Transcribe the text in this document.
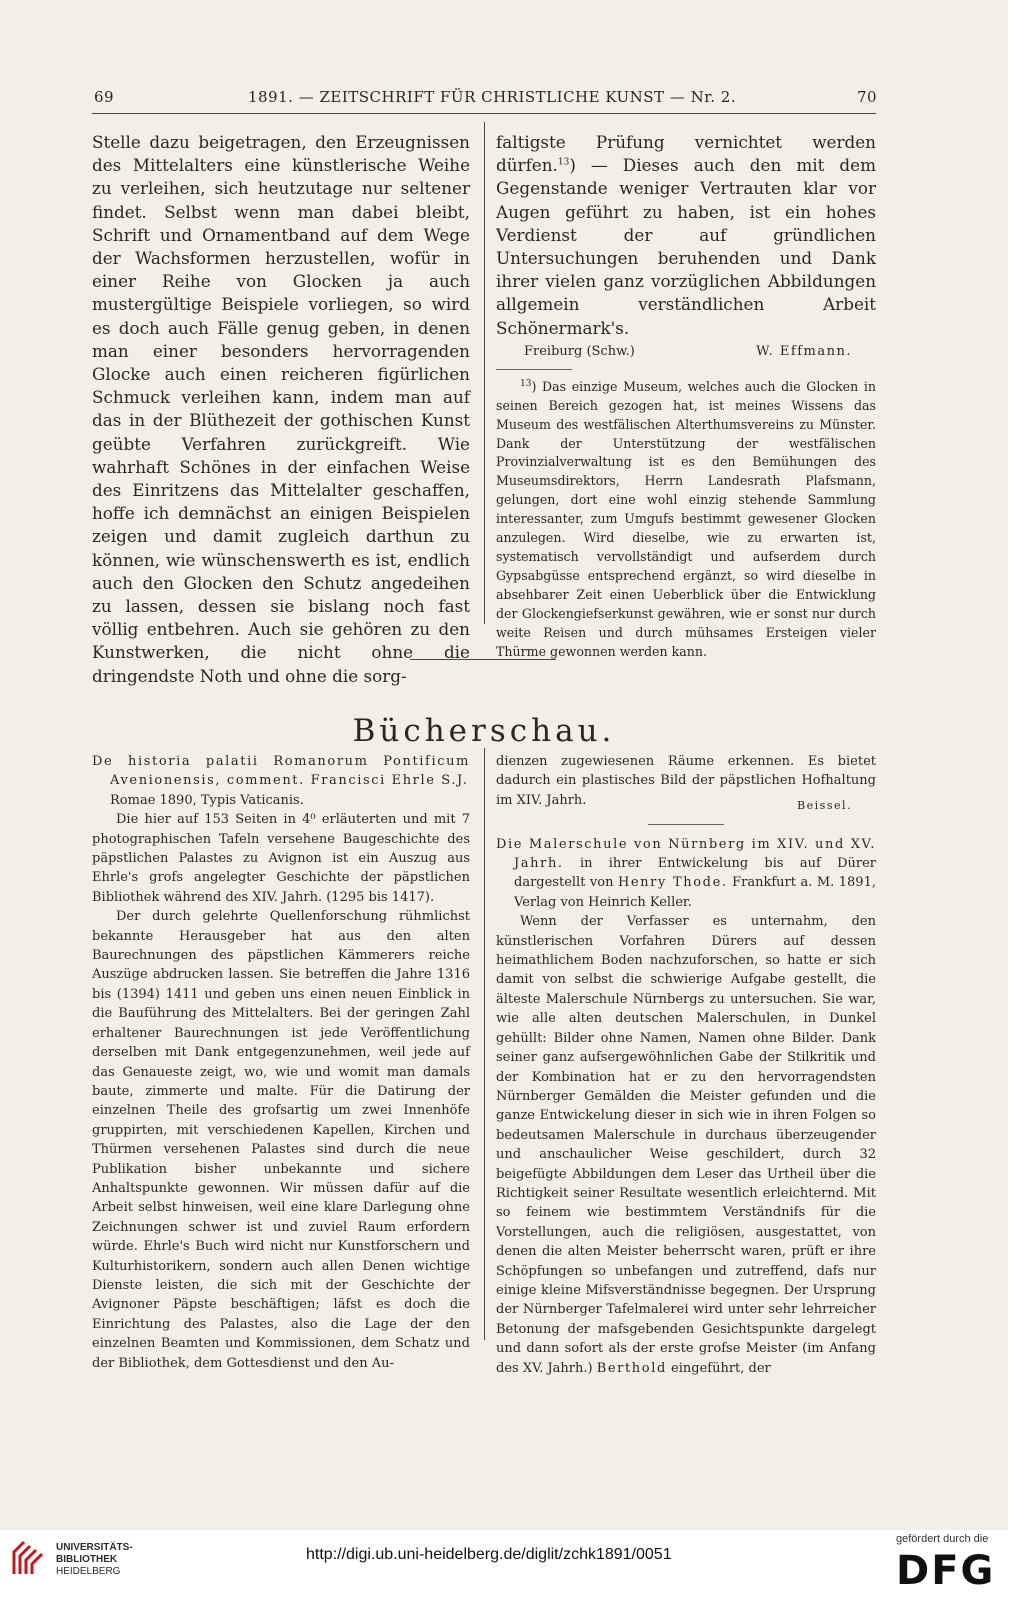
69	1891. — ZEITSCHRIFT FÜR CHRISTLICHE KUNST — Nr. 2.	70

Stelle dazu beigetragen, den Erzeugnissen des Mittelalters eine künstlerische Weihe zu verleihen, sich heutzutage nur seltener findet. Selbst wenn man dabei bleibt, Schrift und Ornamentband auf dem Wege der Wachsformen herzustellen, wofür in einer Reihe von Glocken ja auch mustergültige Beispiele vorliegen, so wird es doch auch Fälle genug geben, in denen man einer besonders hervorragenden Glocke auch einen reicheren figürlichen Schmuck verleihen kann, indem man auf das in der Blüthezeit der gothischen Kunst geübte Verfahren zurückgreift. Wie wahrhaft Schönes in der einfachen Weise des Einritzens das Mittelalter geschaffen, hoffe ich demnächst an einigen Beispielen zeigen und damit zugleich darthun zu können, wie wünschenswerth es ist, endlich auch den Glocken den Schutz angedeihen zu lassen, dessen sie bislang noch fast völlig entbehren. Auch sie gehören zu den Kunstwerken, die nicht ohne die dringendste Noth und ohne die sorg-

faltigste Prüfung vernichtet werden dürfen.$^{13}$) — Dieses auch den mit dem Gegenstande weniger Vertrauten klar vor Augen geführt zu haben, ist ein hohes Verdienst der auf gründlichen Untersuchungen beruhenden und Dank ihrer vielen ganz vorzüglichen Abbildungen allgemein verständlichen Arbeit Schönermark's.

Freiburg (Schw.)	W. Effmann.

$^{13}$) Das einzige Museum, welches auch die Glocken in seinen Bereich gezogen hat, ist meines Wissens das Museum des westfälischen Alterthumsvereins zu Münster. Dank der Unterstützung der westfälischen Provinzialverwaltung ist es den Bemühungen des Museumsdirektors, Herrn Landesrath Plafsmann, gelungen, dort eine wohl einzig stehende Sammlung interessanter, zum Umgufs bestimmt gewesener Glocken anzulegen. Wird dieselbe, wie zu erwarten ist, systematisch vervollständigt und aufserdem durch Gypsabgüsse entsprechend ergänzt, so wird dieselbe in absehbarer Zeit einen Ueberblick über die Entwicklung der Glockengiefserkunst gewähren, wie er sonst nur durch weite Reisen und durch mühsames Ersteigen vieler Thürme gewonnen werden kann.

Bücherschau.

De historia palatii Romanorum Pontificum Avenionensis, comment. Francisci Ehrle S.J.

Romae 1890, Typis Vaticanis.

Die hier auf 153 Seiten in 4⁰ erläuterten und mit 7 photographischen Tafeln versehene Baugeschichte des päpstlichen Palastes zu Avignon ist ein Auszug aus Ehrle's grofs angelegter Geschichte der päpstlichen Bibliothek während des XIV. Jahrh. (1295 bis 1417).

Der durch gelehrte Quellenforschung rühmlichst bekannte Herausgeber hat aus den alten Baurechnungen des päpstlichen Kämmerers reiche Auszüge abdrucken lassen. Sie betreffen die Jahre 1316 bis (1394) 1411 und geben uns einen neuen Einblick in die Bauführung des Mittelalters. Bei der geringen Zahl erhaltener Baurechnungen ist jede Veröffentlichung derselben mit Dank entgegenzunehmen, weil jede auf das Genaueste zeigt, wo, wie und womit man damals baute, zimmerte und malte. Für die Datirung der einzelnen Theile des grofsartig um zwei Innenhöfe gruppirten, mit verschiedenen Kapellen, Kirchen und Thürmen versehenen Palastes sind durch die neue Publikation bisher unbekannte und sichere Anhaltspunkte gewonnen. Wir müssen dafür auf die Arbeit selbst hinweisen, weil eine klare Darlegung ohne Zeichnungen schwer ist und zuviel Raum erfordern würde. Ehrle's Buch wird nicht nur Kunstforschern und Kulturhistorikern, sondern auch allen Denen wichtige Dienste leisten, die sich mit der Geschichte der Avignoner Päpste beschäftigen; läfst es doch die Einrichtung des Palastes, also die Lage der den einzelnen Beamten und Kommissionen, dem Schatz und der Bibliothek, dem Gottesdienst und den Au-

dienzen zugewiesenen Räume erkennen. Es bietet dadurch ein plastisches Bild der päpstlichen Hofhaltung im XIV. Jahrh.	Beissel.

Die Malerschule von Nürnberg im XIV. und XV. Jahrh. in ihrer Entwickelung bis auf Dürer dargestellt von Henry Thode. Frankfurt a. M. 1891, Verlag von Heinrich Keller.

Wenn der Verfasser es unternahm, den künstlerischen Vorfahren Dürers auf dessen heimathlichem Boden nachzuforschen, so hatte er sich damit von selbst die schwierige Aufgabe gestellt, die älteste Malerschule Nürnbergs zu untersuchen. Sie war, wie alle alten deutschen Malerschulen, in Dunkel gehüllt: Bilder ohne Namen, Namen ohne Bilder. Dank seiner ganz aufsergewöhnlichen Gabe der Stilkritik und der Kombination hat er zu den hervorragendsten Nürnberger Gemälden die Meister gefunden und die ganze Entwickelung dieser in sich wie in ihren Folgen so bedeutsamen Malerschule in durchaus überzeugender und anschaulicher Weise geschildert, durch 32 beigefügte Abbildungen dem Leser das Urtheil über die Richtigkeit seiner Resultate wesentlich erleichternd. Mit so feinem wie bestimmtem Verständnifs für die Vorstellungen, auch die religiösen, ausgestattet, von denen die alten Meister beherrscht waren, prüft er ihre Schöpfungen so unbefangen und zutreffend, dafs nur einige kleine Mifsverständnisse begegnen. Der Ursprung der Nürnberger Tafelmalerei wird unter sehr lehrreicher Betonung der mafsgebenden Gesichtspunkte dargelegt und dann sofort als der erste grofse Meister (im Anfang des XV. Jahrh.) Berthold eingeführt, der

UNIVERSITÄTS-
BIBLIOTHEK
HEIDELBERG
http://digi.ub.uni-heidelberg.de/diglit/zchk1891/0051
gefördert durch die
DFG
